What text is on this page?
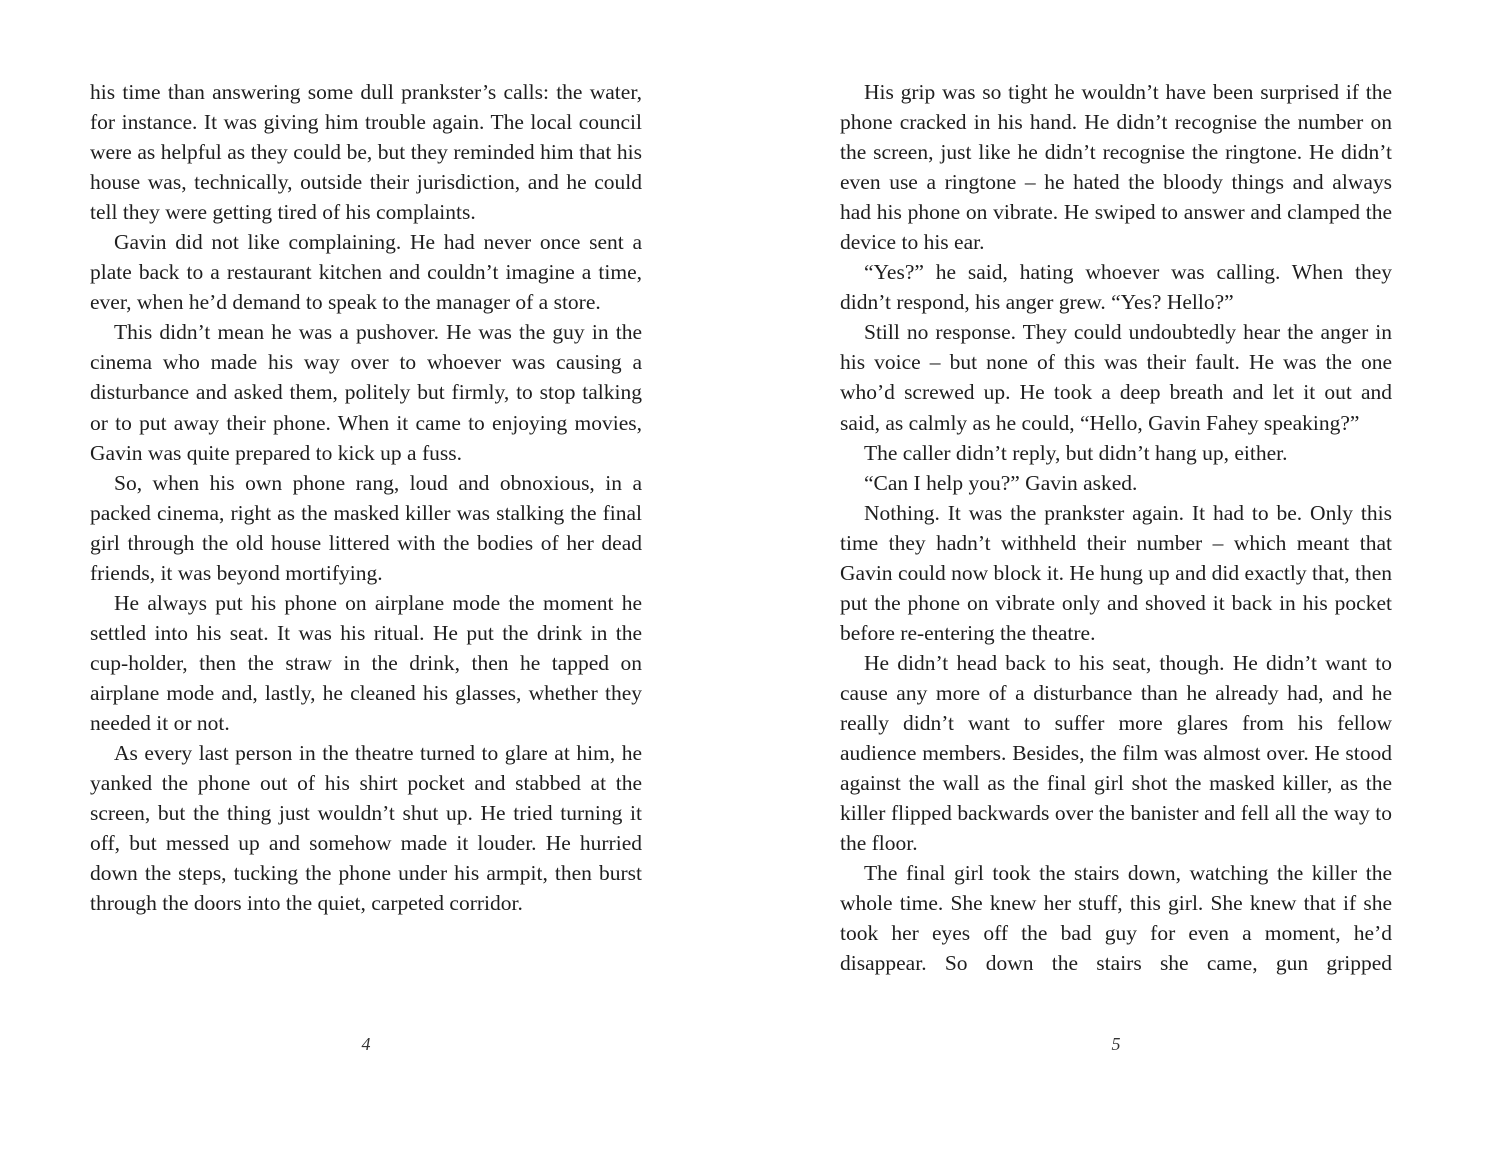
his time than answering some dull prankster’s calls: the water, for instance. It was giving him trouble again. The local council were as helpful as they could be, but they reminded him that his house was, technically, outside their jurisdiction, and he could tell they were getting tired of his complaints.

Gavin did not like complaining. He had never once sent a plate back to a restaurant kitchen and couldn’t imagine a time, ever, when he’d demand to speak to the manager of a store.

This didn’t mean he was a pushover. He was the guy in the cinema who made his way over to whoever was causing a disturbance and asked them, politely but firmly, to stop talking or to put away their phone. When it came to enjoying movies, Gavin was quite prepared to kick up a fuss.

So, when his own phone rang, loud and obnoxious, in a packed cinema, right as the masked killer was stalking the final girl through the old house littered with the bodies of her dead friends, it was beyond mortifying.

He always put his phone on airplane mode the moment he settled into his seat. It was his ritual. He put the drink in the cup-holder, then the straw in the drink, then he tapped on airplane mode and, lastly, he cleaned his glasses, whether they needed it or not.

As every last person in the theatre turned to glare at him, he yanked the phone out of his shirt pocket and stabbed at the screen, but the thing just wouldn’t shut up. He tried turning it off, but messed up and somehow made it louder. He hurried down the steps, tucking the phone under his armpit, then burst through the doors into the quiet, carpeted corridor.

His grip was so tight he wouldn’t have been surprised if the phone cracked in his hand. He didn’t recognise the number on the screen, just like he didn’t recognise the ringtone. He didn’t even use a ringtone – he hated the bloody things and always had his phone on vibrate. He swiped to answer and clamped the device to his ear.

“Yes?” he said, hating whoever was calling. When they didn’t respond, his anger grew. “Yes? Hello?”

Still no response. They could undoubtedly hear the anger in his voice – but none of this was their fault. He was the one who’d screwed up. He took a deep breath and let it out and said, as calmly as he could, “Hello, Gavin Fahey speaking?”

The caller didn’t reply, but didn’t hang up, either.

“Can I help you?” Gavin asked.

Nothing. It was the prankster again. It had to be. Only this time they hadn’t withheld their number – which meant that Gavin could now block it. He hung up and did exactly that, then put the phone on vibrate only and shoved it back in his pocket before re-entering the theatre.

He didn’t head back to his seat, though. He didn’t want to cause any more of a disturbance than he already had, and he really didn’t want to suffer more glares from his fellow audience members. Besides, the film was almost over. He stood against the wall as the final girl shot the masked killer, as the killer flipped backwards over the banister and fell all the way to the floor.

The final girl took the stairs down, watching the killer the whole time. She knew her stuff, this girl. She knew that if she took her eyes off the bad guy for even a moment, he’d disappear. So down the stairs she came, gun gripped

4	5
